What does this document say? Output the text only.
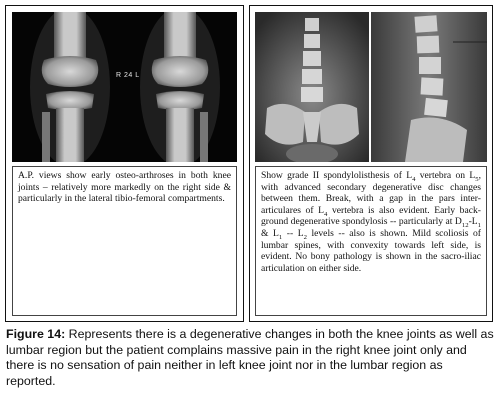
R 24 L
A.P. views show early osteo-arthroses in both knee joints – relatively more markedly on the right side & particularly in the lateral tibio-femoral compartments.
Show grade II spondylolisthesis of $L_4$ vertebra on $L_5$, with advanced secondary degenerative disc changes between them. Break, with a gap in the pars inter-articulares of $L_4$ vertebra is also evident. Early back-ground degenerative spondylosis -- particularly at $D_{12}-L_1$ & $L_1 -- L_2$ levels -- also is shown. Mild scoliosis of lumbar spines, with convexity towards left side, is evident. No bony pathology is shown in the sacro-iliac articulation on either side.
Figure 14: Represents there is a degenerative changes in both the knee joints as well as lumbar region but the patient complains massive pain in the right knee joint only and there is no sensation of pain neither in left knee joint nor in the lumbar region as reported.
